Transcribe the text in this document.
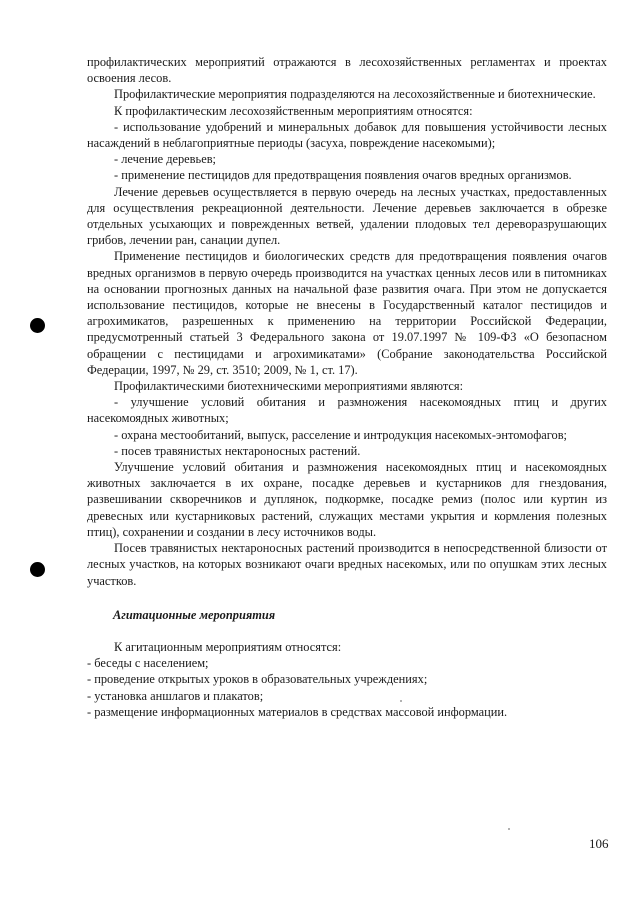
профилактических мероприятий отражаются в лесохозяйственных регламентах и проектах освоения лесов.

Профилактические мероприятия подразделяются на лесохозяйственные и биотехнические.

К профилактическим лесохозяйственным мероприятиям относятся:

- использование удобрений и минеральных добавок для повышения устойчивости лесных насаждений в неблагоприятные периоды (засуха, повреждение насекомыми);

- лечение деревьев;

- применение пестицидов для предотвращения появления очагов вредных организмов.

Лечение деревьев осуществляется в первую очередь на лесных участках, предоставленных для осуществления рекреационной деятельности. Лечение деревьев заключается в обрезке отдельных усыхающих и поврежденных ветвей, удалении плодовых тел дереворазрушающих грибов, лечении ран, санации дупел.

Применение пестицидов и биологических средств для предотвращения появления очагов вредных организмов в первую очередь производится на участках ценных лесов или в питомниках на основании прогнозных данных на начальной фазе развития очага. При этом не допускается использование пестицидов, которые не внесены в Государственный каталог пестицидов и агрохимикатов, разрешенных к применению на территории Российской Федерации, предусмотренный статьей 3 Федерального закона от 19.07.1997 № 109-ФЗ «О безопасном обращении с пестицидами и агрохимикатами» (Собрание законодательства Российской Федерации, 1997, № 29, ст. 3510; 2009, № 1, ст. 17).

Профилактическими биотехническими мероприятиями являются:

- улучшение условий обитания и размножения насекомоядных птиц и других насекомоядных животных;

- охрана местообитаний, выпуск, расселение и интродукция насекомых-энтомофагов;

- посев травянистых нектароносных растений.

Улучшение условий обитания и размножения насекомоядных птиц и насекомоядных животных заключается в их охране, посадке деревьев и кустарников для гнездования, развешивании скворечников и дуплянок, подкормке, посадке ремиз (полос или куртин из древесных или кустарниковых растений, служащих местами укрытия и кормления полезных птиц), сохранении и создании в лесу источников воды.

Посев травянистых нектароносных растений производится в непосредственной близости от лесных участков, на которых возникают очаги вредных насекомых, или по опушкам этих лесных участков.

Агитационные мероприятия

К агитационным мероприятиям относятся:

- беседы с населением;

- проведение открытых уроков в образовательных учреждениях;

- установка аншлагов и плакатов;

- размещение информационных материалов в средствах массовой информации.

106
